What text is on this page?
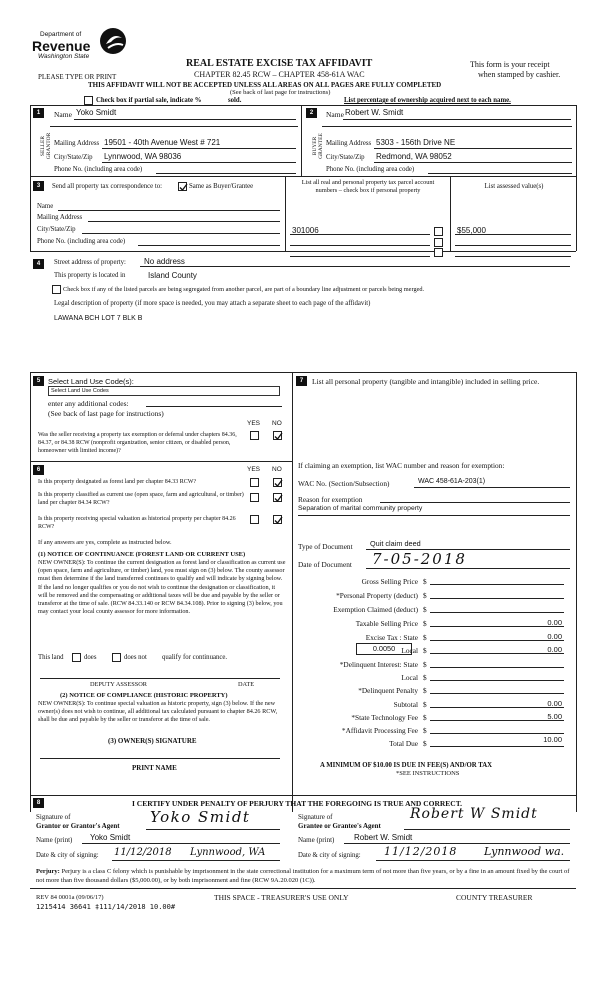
Department of
Revenue
Washington State
REAL ESTATE EXCISE TAX AFFIDAVIT
CHAPTER 82.45 RCW – CHAPTER 458-61A WAC
This form is your receipt
when stamped by cashier.
PLEASE TYPE OR PRINT
THIS AFFIDAVIT WILL NOT BE ACCEPTED UNLESS ALL AREAS ON ALL PAGES ARE FULLY COMPLETED
(See back of last page for instructions)
Check box if partial sale, indicate %	sold.	List percentage of ownership acquired next to each name.
1
SELLER GRANTOR
Name Yoko Smidt
Mailing Address 19501 - 40th Avenue West # 721
City/State/Zip Lynnwood, WA 98036
Phone No. (including area code)
2
BUYER GRANTEE
Name Robert W. Smidt
Mailing Address 5303 - 156th Drive NE
City/State/Zip Redmond, WA 98052
Phone No. (including area code)
3	Send all property tax correspondence to:	Same as Buyer/Grantee
Name
Mailing Address
City/State/Zip
Phone No. (including area code)
List all real and personal property tax parcel account
numbers – check box if personal property
List assessed value(s)
301006	$55,000
4	Street address of property: No address
This property is located in	Island County
Check box if any of the listed parcels are being segregated from another parcel, are part of a boundary line adjustment or parcels being merged.
Legal description of property (if more space is needed, you may attach a separate sheet to each page of the affidavit)
LAWANA BCH LOT 7 BLK B
5	Select Land Use Code(s):
Select Land Use Codes
enter any additional codes:
(See back of last page for instructions)
YES NO
Was the seller receiving a property tax exemption or deferral under chapters 84.36, 84.37, or 84.38 RCW (nonprofit organization, senior citizen, or disabled person, homeowner with limited income)?
6	YES NO
Is this property designated as forest land per chapter 84.33 RCW?
Is this property classified as current use (open space, farm and agricultural, or timber) land per chapter 84.34 RCW?
Is this property receiving special valuation as historical property per chapter 84.26 RCW?
If any answers are yes, complete as instructed below.
(1) NOTICE OF CONTINUANCE (FOREST LAND OR CURRENT USE)
NEW OWNER(S): To continue the current designation as forest land or classification as current use (open space, farm and agriculture, or timber) land, you must sign on (3) below. The county assessor must then determine if the land transferred continues to qualify and will indicate by signing below. If the land no longer qualifies or you do not wish to continue the designation or classification, it will be removed and the compensating or additional taxes will be due and payable by the seller or transferor at the time of sale. (RCW 84.33.140 or RCW 84.34.108). Prior to signing (3) below, you may contact your local county assessor for more information.
This land	does	does not qualify for continuance.
DEPUTY ASSESSOR	DATE
(2) NOTICE OF COMPLIANCE (HISTORIC PROPERTY)
NEW OWNER(S): To continue special valuation as historic property, sign (3) below. If the new owner(s) does not wish to continue, all additional tax calculated pursuant to chapter 84.26 RCW, shall be due and payable by the seller or transferor at the time of sale.
(3) OWNER(S) SIGNATURE
PRINT NAME
7	List all personal property (tangible and intangible) included in selling price.
If claiming an exemption, list WAC number and reason for exemption:
WAC No. (Section/Subsection)	WAC 458-61A-203(1)
Reason for exemption
Separation of marital community property
Type of Document Quit claim deed
Date of Document 7-05-2018
Gross Selling Price $
*Personal Property (deduct) $
Exemption Claimed (deduct) $
Taxable Selling Price $	0.00
Excise Tax : State $	0.00
0.0050 Local $	0.00
*Delinquent Interest: State $
Local $
*Delinquent Penalty $
Subtotal $	0.00
*State Technology Fee $	5.00
*Affidavit Processing Fee $
Total Due $	10.00
A MINIMUM OF $10.00 IS DUE IN FEE(S) AND/OR TAX
*SEE INSTRUCTIONS
8	I CERTIFY UNDER PENALTY OF PERJURY THAT THE FOREGOING IS TRUE AND CORRECT.
Signature of
Grantor or Grantor's Agent Yoko Smidt
Name (print) Yoko Smidt
Date & city of signing: 11/12/2018 Lynnwood, WA
Signature of
Grantee or Grantee's Agent
Robert W Smidt
Name (print) Robert W. Smidt
Date & city of signing: 11/12/2018 Lynnwood wa.
Perjury: Perjury is a class C felony which is punishable by imprisonment in the state correctional institution for a maximum term of not more than five years, or by a fine in an amount fixed by the court of not more than five thousand dollars ($5,000.00), or by both imprisonment and fine (RCW 9A.20.020 (1C)).
REV 84 0001a (09/06/17)	THIS SPACE - TREASURER'S USE ONLY	COUNTY TREASURER
1215414 36641 ‡111/14/2018 10.00#
